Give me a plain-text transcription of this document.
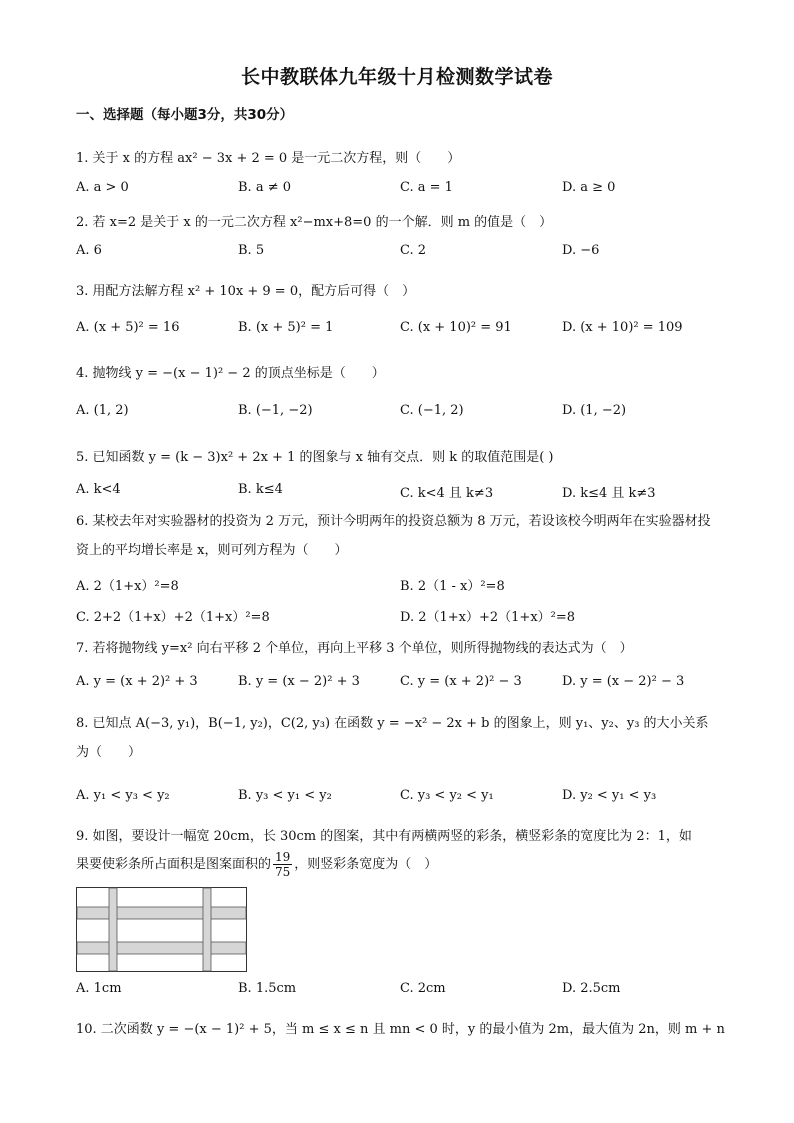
长中教联体九年级十月检测数学试卷
一、选择题（每小题3分，共30分）
1. 关于 x 的方程 ax² − 3x + 2 = 0 是一元二次方程，则（　　）
A. a > 0	B. a ≠ 0	C. a = 1	D. a ≥ 0
2. 若 x=2 是关于 x 的一元二次方程 x²−mx+8=0 的一个解．则 m 的值是（　）
A. 6	B. 5	C. 2	D. −6
3. 用配方法解方程 x² + 10x + 9 = 0，配方后可得（　）
A. (x + 5)² = 16	B. (x + 5)² = 1	C. (x + 10)² = 91	D. (x + 10)² = 109
4. 抛物线 y = −(x − 1)² − 2 的顶点坐标是（　　）
A. (1, 2)	B. (−1, −2)	C. (−1, 2)	D. (1, −2)
5. 已知函数 y = (k − 3)x² + 2x + 1 的图象与 x 轴有交点．则 k 的取值范围是( )
A. k<4	B. k≤4	C. k<4 且 k≠3	D. k≤4 且 k≠3
6. 某校去年对实验器材的投资为 2 万元，预计今明两年的投资总额为 8 万元，若设该校今明两年在实验器材投资上的平均增长率是 x，则可列方程为（　　）
A. 2（1+x）²=8	B. 2（1 - x）²=8
C. 2+2（1+x）+2（1+x）²=8	D. 2（1+x）+2（1+x）²=8
7. 若将抛物线 y=x² 向右平移 2 个单位，再向上平移 3 个单位，则所得抛物线的表达式为（　）
A. y = (x + 2)² + 3	B. y = (x − 2)² + 3	C. y = (x + 2)² − 3	D. y = (x − 2)² − 3
8. 已知点 A(−3, y₁)，B(−1, y₂)，C(2, y₃) 在函数 y = −x² − 2x + b 的图象上，则 y₁、y₂、y₃ 的大小关系为（　　）
A. y₁ < y₃ < y₂	B. y₃ < y₁ < y₂	C. y₃ < y₂ < y₁	D. y₂ < y₁ < y₃
9. 如图，要设计一幅宽 20cm，长 30cm 的图案，其中有两横两竖的彩条，横竖彩条的宽度比为 2：1，如
果要使彩条所占面积是图案面积的 $\frac{19}{75}$ ，则竖彩条宽度为（　）
A. 1cm	B. 1.5cm	C. 2cm	D. 2.5cm
10. 二次函数 y = −(x − 1)² + 5，当 m ≤ x ≤ n 且 mn < 0 时，y 的最小值为 2m，最大值为 2n，则 m + n
